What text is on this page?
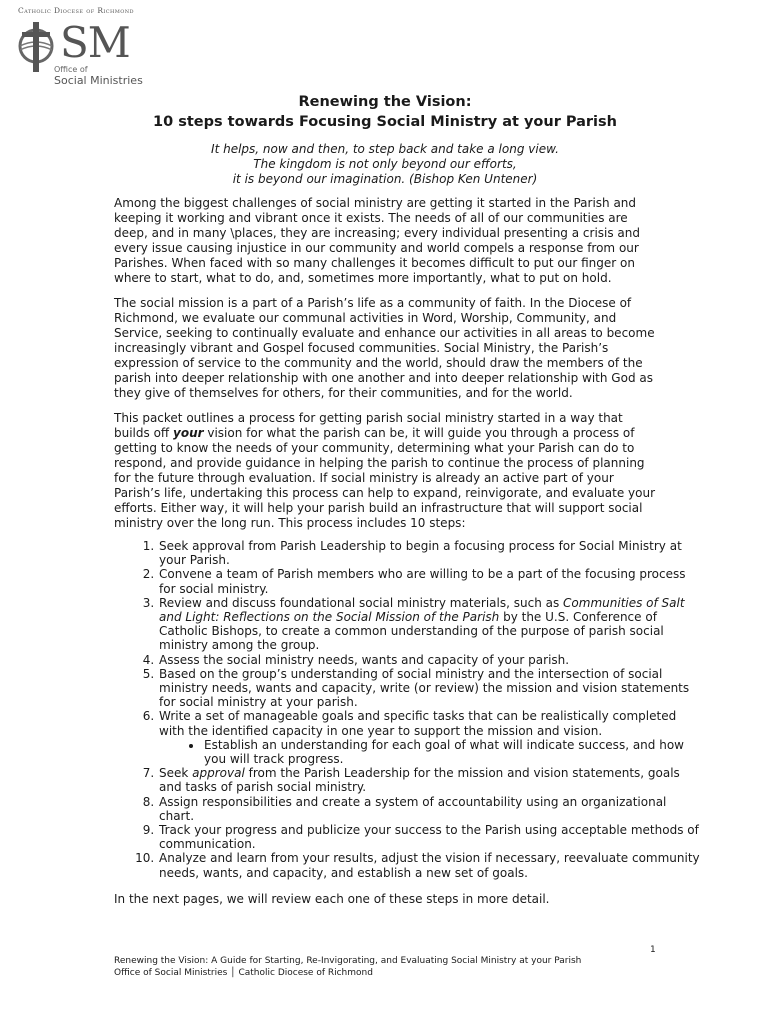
Catholic Diocese of Richmond
SM
Office of
Social Ministries
Renewing the Vision:
10 steps towards Focusing Social Ministry at your Parish
It helps, now and then, to step back and take a long view.
The kingdom is not only beyond our efforts,
it is beyond our imagination. (Bishop Ken Untener)

Among the biggest challenges of social ministry are getting it started in the Parish and keeping it working and vibrant once it exists. The needs of all of our communities are deep, and in many \places, they are increasing; every individual presenting a crisis and every issue causing injustice in our community and world compels a response from our Parishes. When faced with so many challenges it becomes difficult to put our finger on where to start, what to do, and, sometimes more importantly, what to put on hold.

The social mission is a part of a Parish’s life as a community of faith. In the Diocese of Richmond, we evaluate our communal activities in Word, Worship, Community, and Service, seeking to continually evaluate and enhance our activities in all areas to become increasingly vibrant and Gospel focused communities. Social Ministry, the Parish’s expression of service to the community and the world, should draw the members of the parish into deeper relationship with one another and into deeper relationship with God as they give of themselves for others, for their communities, and for the world.

This packet outlines a process for getting parish social ministry started in a way that builds off your vision for what the parish can be, it will guide you through a process of getting to know the needs of your community, determining what your Parish can do to respond, and provide guidance in helping the parish to continue the process of planning for the future through evaluation. If social ministry is already an active part of your Parish’s life, undertaking this process can help to expand, reinvigorate, and evaluate your efforts. Either way, it will help your parish build an infrastructure that will support social ministry over the long run. This process includes 10 steps:

1. Seek approval from Parish Leadership to begin a focusing process for Social Ministry at your Parish.
2. Convene a team of Parish members who are willing to be a part of the focusing process for social ministry.
3. Review and discuss foundational social ministry materials, such as Communities of Salt and Light: Reflections on the Social Mission of the Parish by the U.S. Conference of Catholic Bishops, to create a common understanding of the purpose of parish social ministry among the group.
4. Assess the social ministry needs, wants and capacity of your parish.
5. Based on the group’s understanding of social ministry and the intersection of social ministry needs, wants and capacity, write (or review) the mission and vision statements for social ministry at your parish.
6. Write a set of manageable goals and specific tasks that can be realistically completed with the identified capacity in one year to support the mission and vision.
• Establish an understanding for each goal of what will indicate success, and how you will track progress.
7. Seek approval from the Parish Leadership for the mission and vision statements, goals and tasks of parish social ministry.
8. Assign responsibilities and create a system of accountability using an organizational chart.
9. Track your progress and publicize your success to the Parish using acceptable methods of communication.
10. Analyze and learn from your results, adjust the vision if necessary, reevaluate community needs, wants, and capacity, and establish a new set of goals.

In the next pages, we will review each one of these steps in more detail.

1
Renewing the Vision: A Guide for Starting, Re-Invigorating, and Evaluating Social Ministry at your Parish
Office of Social Ministries │ Catholic Diocese of Richmond
